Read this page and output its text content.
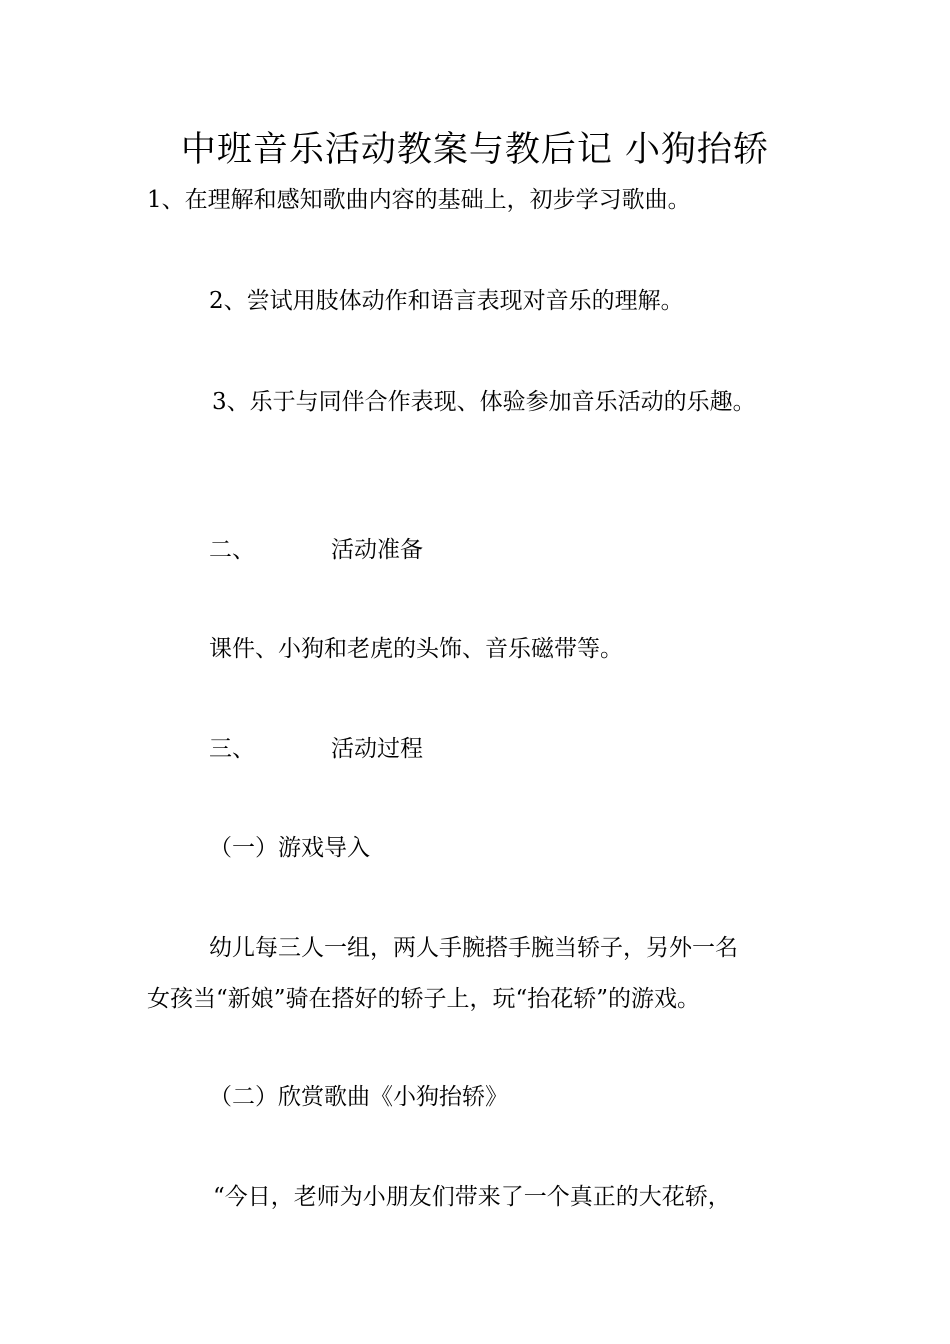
中班音乐活动教案与教后记 小狗抬轿
1、在理解和感知歌曲内容的基础上，初步学习歌曲。
2、尝试用肢体动作和语言表现对音乐的理解。
3、乐于与同伴合作表现、体验参加音乐活动的乐趣。
二、	活动准备
课件、小狗和老虎的头饰、音乐磁带等。
三、	活动过程
（一）游戏导入
幼儿每三人一组，两人手腕搭手腕当轿子，另外一名
女孩当“新娘”骑在搭好的轿子上，玩“抬花轿”的游戏。
（二）欣赏歌曲《小狗抬轿》
“今日，老师为小朋友们带来了一个真正的大花轿，
